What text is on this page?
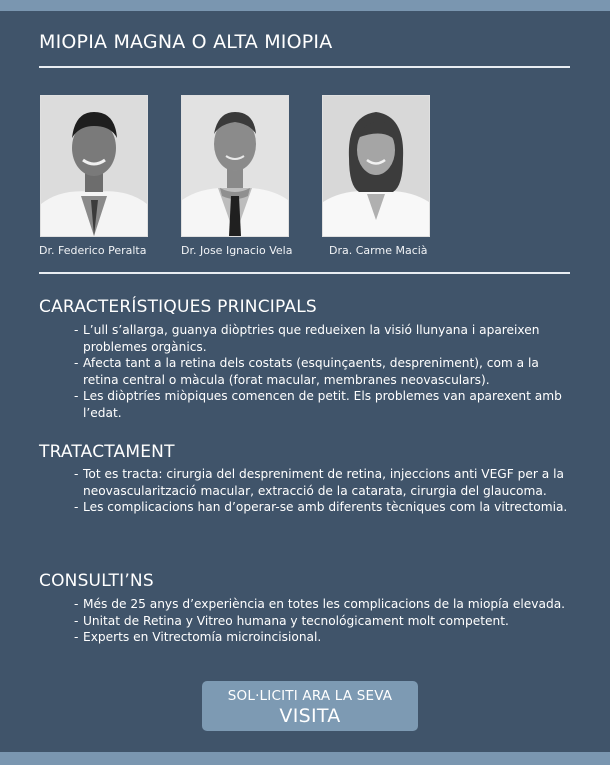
MIOPIA MAGNA O ALTA MIOPIA
Dr. Federico Peralta	Dr. Jose Ignacio Vela	Dra. Carme Macià
CARACTERÍSTIQUES PRINCIPALS
- L’ull s’allarga, guanya diòptries que redueixen la visió llunyana i apareixen problemes orgànics.
- Afecta tant a la retina dels costats (esquinçaents, despreniment), com a la retina central o màcula (forat macular, membranes neovasculars).
- Les diòptríes miòpiques comencen de petit. Els problemes van aparexent amb l’edat.
TRATACTAMENT
- Tot es tracta: cirurgia del despreniment de retina, injeccions anti VEGF per a la neovascularització macular, extracció de la catarata, cirurgia del glaucoma.
- Les complicacions han d’operar-se amb diferents tècniques com la vitrectomia.
CONSULTI’NS
- Més de 25 anys d’experiència en totes les complicacions de la miopía elevada.
- Unitat de Retina y Vitreo humana y tecnológicament molt competent.
- Experts en Vitrectomía microincisional.
SOL·LICITI ARA LA SEVA
VISITA
